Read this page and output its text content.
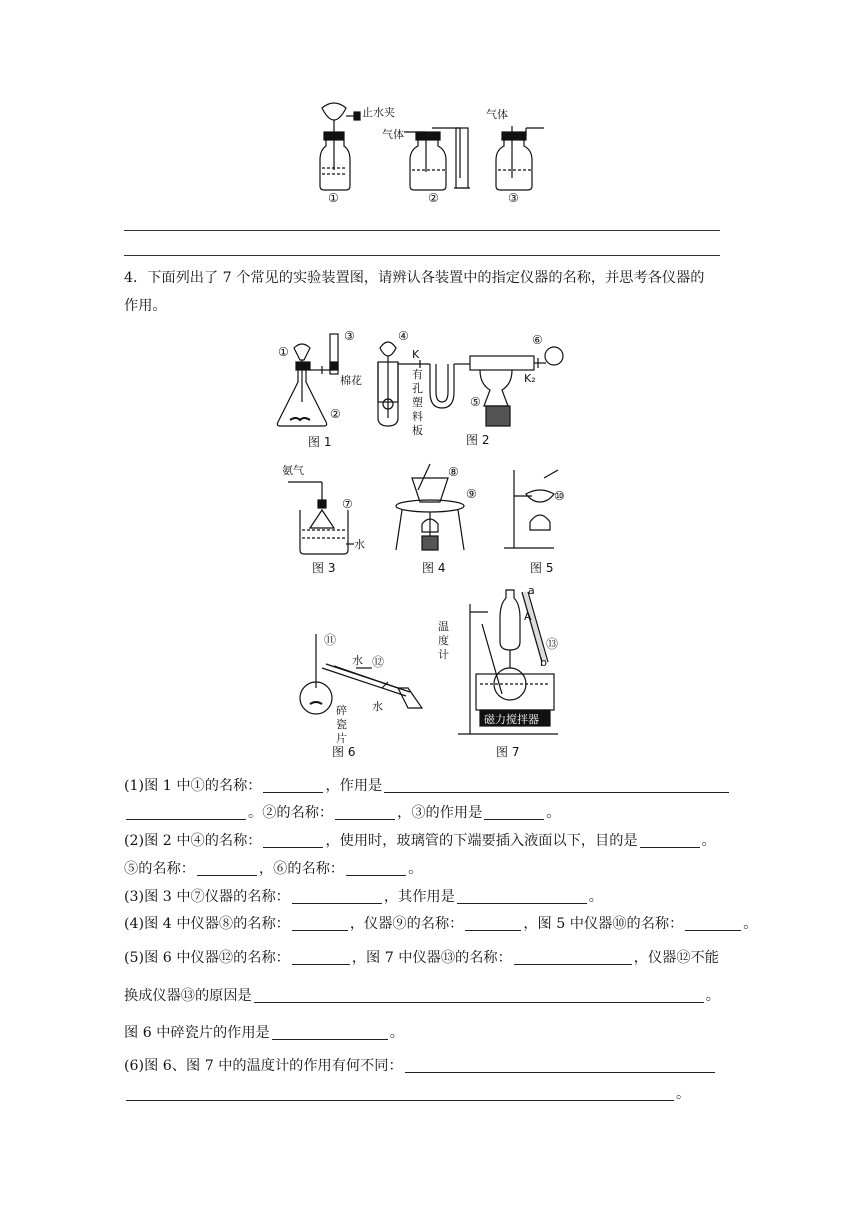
止水夹
①
气体
②
气体
③
4．下面列出了 7 个常见的实验装置图，请辨认各装置中的指定仪器的名称，并思考各仪器的
作用。
①
②
③
棉花
图 1
④
K
有
孔
塑
料
板
⑤
⑥
K₂
图 2
氨气
⑦
水
图 3
⑧
⑨
图 4
⑩
图 5
⑪
水 ⑫
水
碎
瓷
片
图 6
温
度
计
A
a
b
⑬
磁力搅拌器
图 7
(1)图 1 中①的名称：	，作用是
。②的名称：	，③的作用是	。
(2)图 2 中④的名称：	，使用时，玻璃管的下端要插入液面以下，目的是	。
⑤的名称：	，⑥的名称：	。
(3)图 3 中⑦仪器的名称：	，其作用是	。
(4)图 4 中仪器⑧的名称：	，仪器⑨的名称：	，图 5 中仪器⑩的名称：	。
(5)图 6 中仪器⑫的名称：	，图 7 中仪器⑬的名称：	，仪器⑫不能
换成仪器⑬的原因是	。
图 6 中碎瓷片的作用是	。
(6)图 6、图 7 中的温度计的作用有何不同：
。
